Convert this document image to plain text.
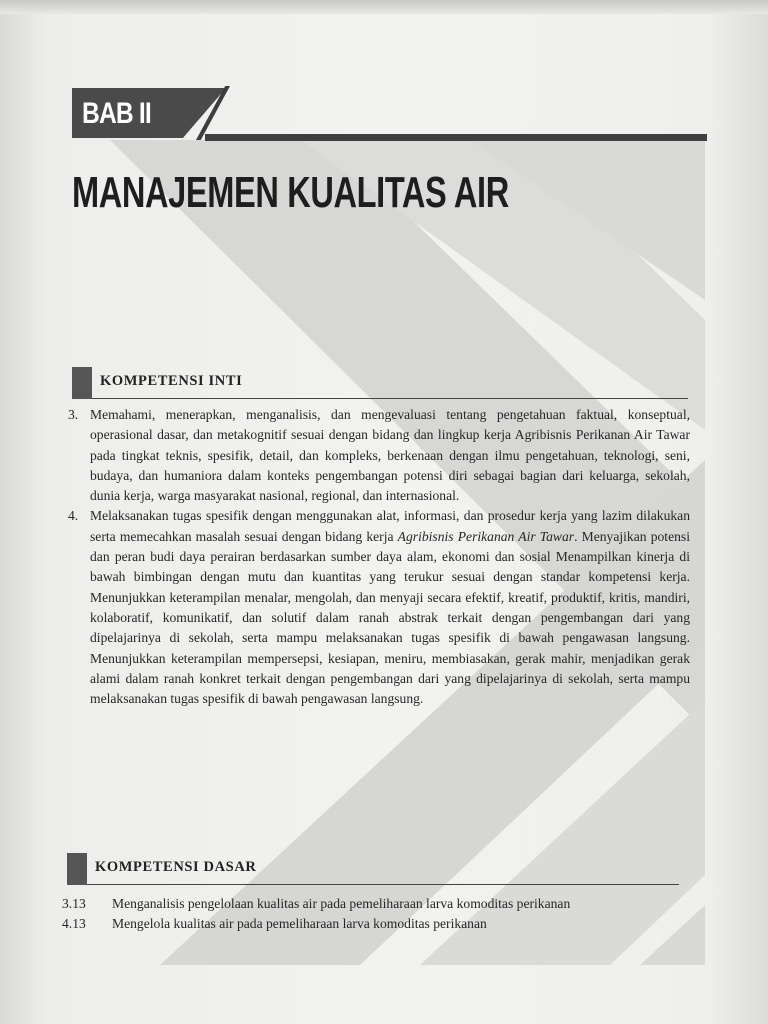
BAB II
MANAJEMEN KUALITAS AIR
KOMPETENSI INTI
3. Memahami, menerapkan, menganalisis, dan mengevaluasi tentang pengetahuan faktual, konseptual, operasional dasar, dan metakognitif sesuai dengan bidang dan lingkup kerja Agribisnis Perikanan Air Tawar pada tingkat teknis, spesifik, detail, dan kompleks, berkenaan dengan ilmu pengetahuan, teknologi, seni, budaya, dan humaniora dalam konteks pengembangan potensi diri sebagai bagian dari keluarga, sekolah, dunia kerja, warga masyarakat nasional, regional, dan internasional.
4. Melaksanakan tugas spesifik dengan menggunakan alat, informasi, dan prosedur kerja yang lazim dilakukan serta memecahkan masalah sesuai dengan bidang kerja Agribisnis Perikanan Air Tawar. Menyajikan potensi dan peran budi daya perairan berdasarkan sumber daya alam, ekonomi dan sosial Menampilkan kinerja di bawah bimbingan dengan mutu dan kuantitas yang terukur sesuai dengan standar kompetensi kerja. Menunjukkan keterampilan menalar, mengolah, dan menyaji secara efektif, kreatif, produktif, kritis, mandiri, kolaboratif, komunikatif, dan solutif dalam ranah abstrak terkait dengan pengembangan dari yang dipelajarinya di sekolah, serta mampu melaksanakan tugas spesifik di bawah pengawasan langsung. Menunjukkan keterampilan mempersepsi, kesiapan, meniru, membiasakan, gerak mahir, menjadikan gerak alami dalam ranah konkret terkait dengan pengembangan dari yang dipelajarinya di sekolah, serta mampu melaksanakan tugas spesifik di bawah pengawasan langsung.
KOMPETENSI DASAR
3.13 Menganalisis pengelolaan kualitas air pada pemeliharaan larva komoditas perikanan
4.13 Mengelola kualitas air pada pemeliharaan larva komoditas perikanan
